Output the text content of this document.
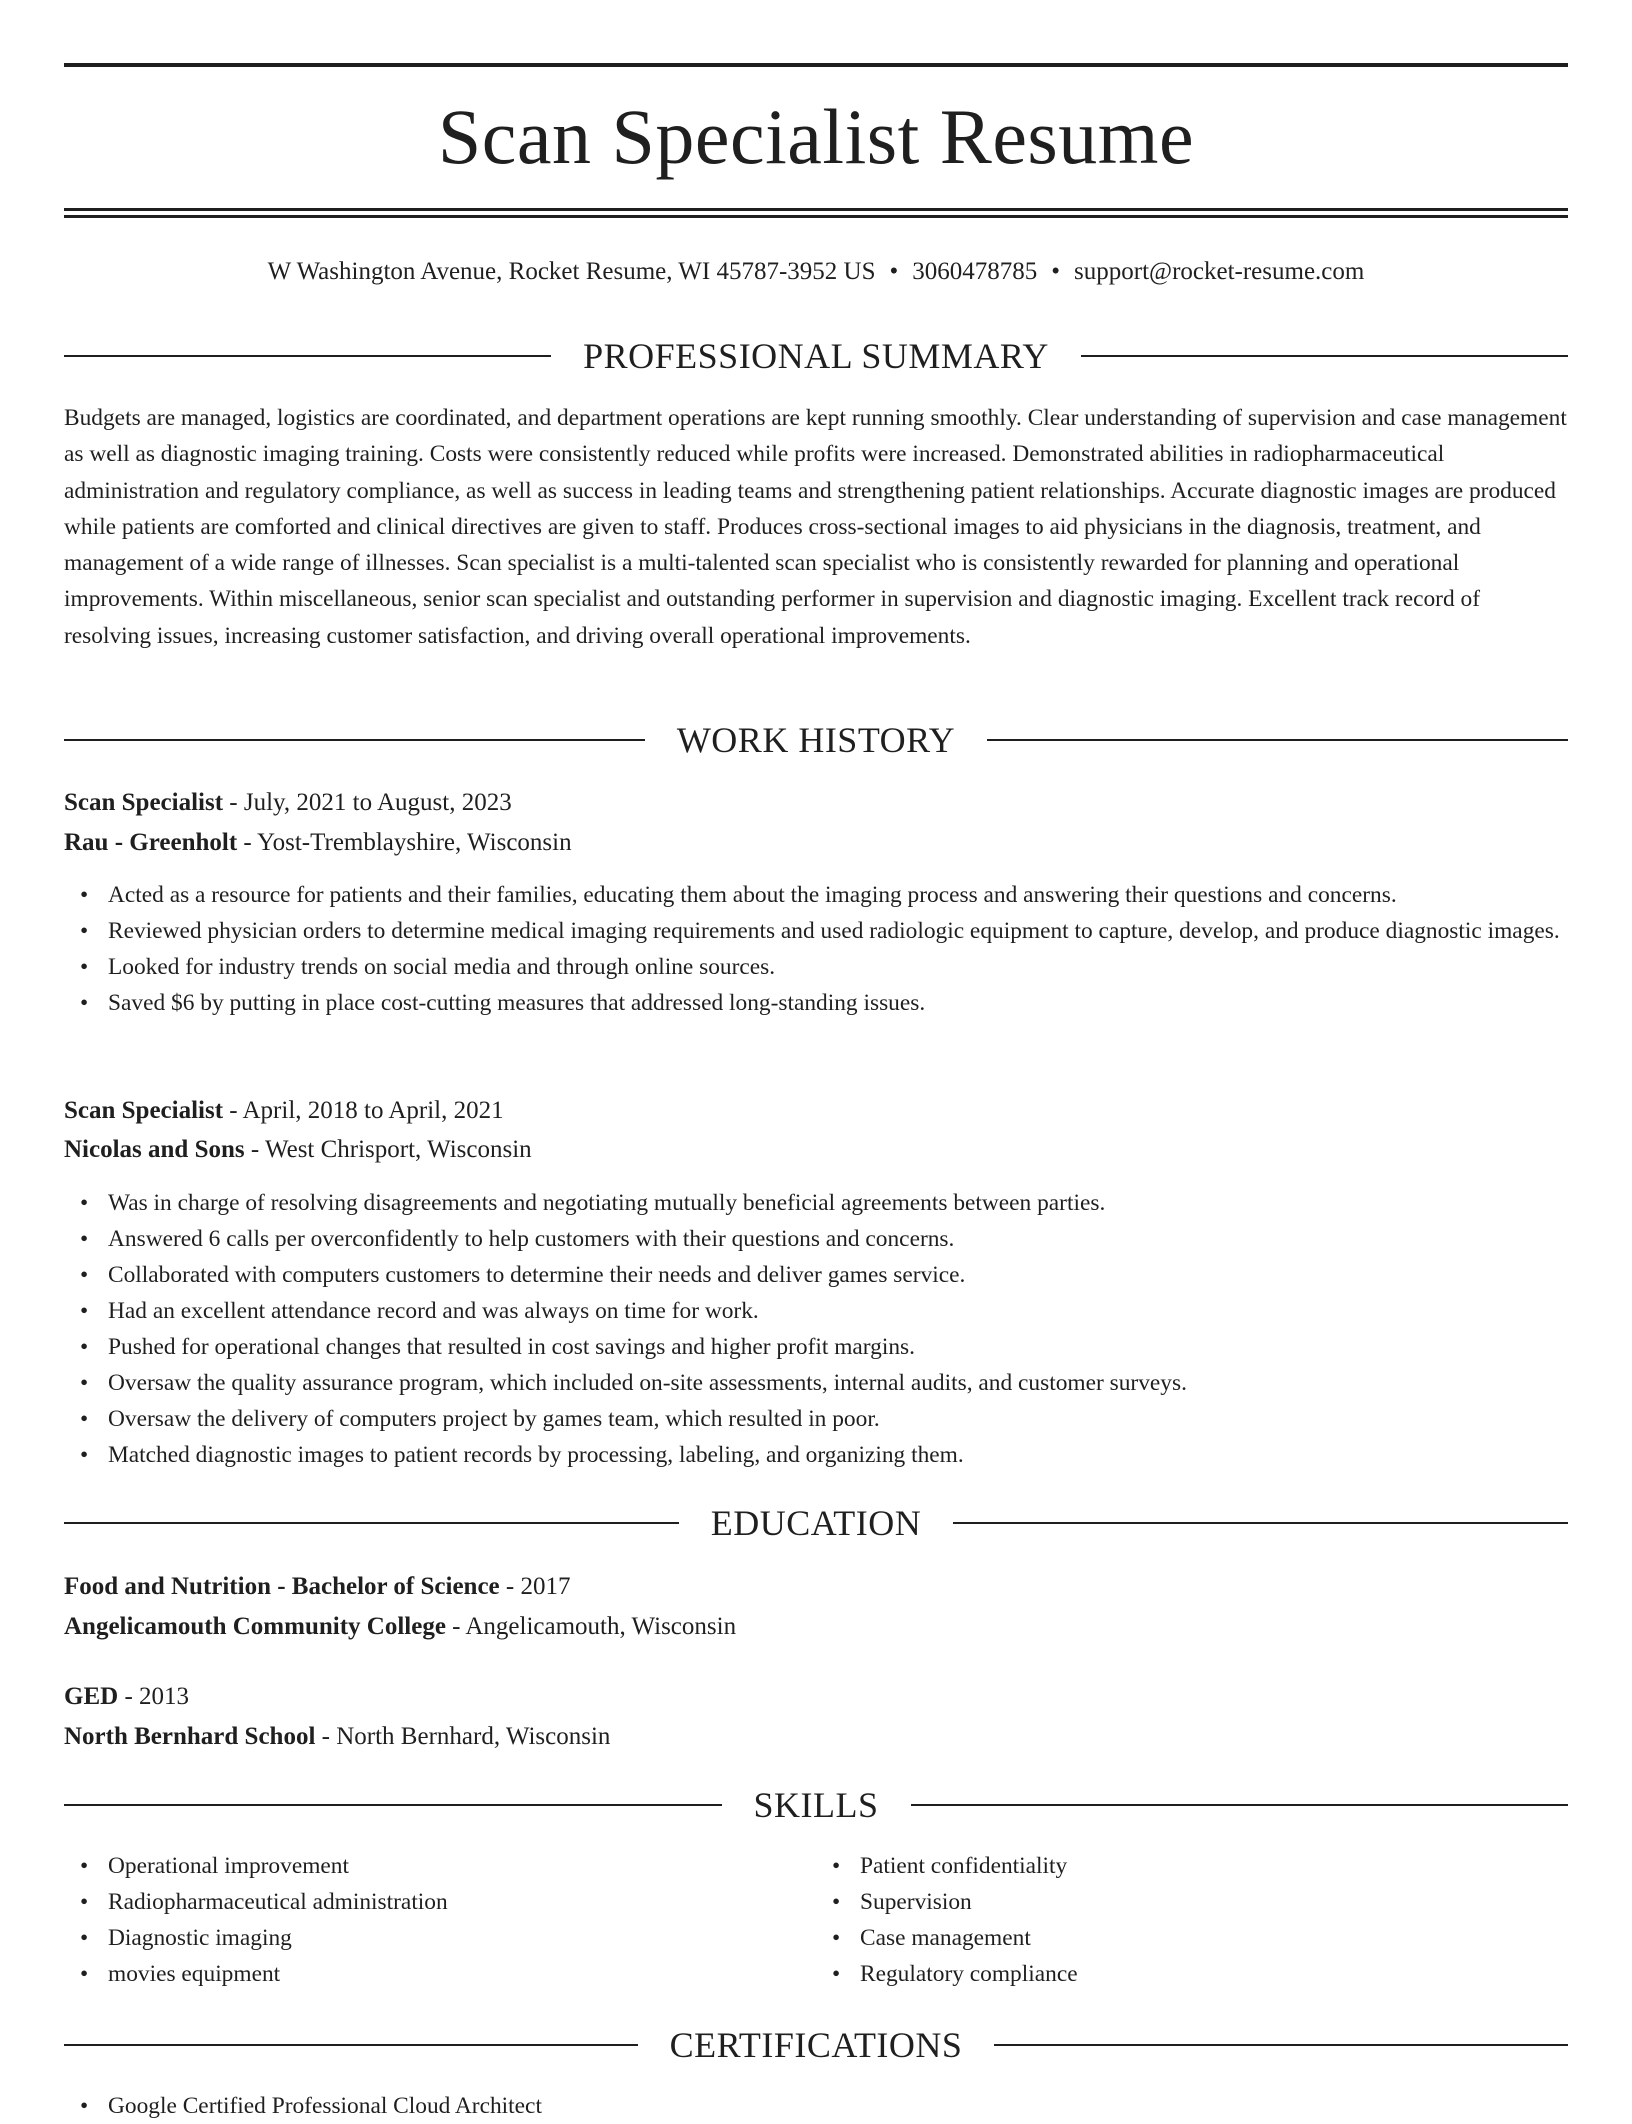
Scan Specialist Resume
W Washington Avenue, Rocket Resume, WI 45787-3952 US • 3060478785 • support@rocket-resume.com
PROFESSIONAL SUMMARY

Budgets are managed, logistics are coordinated, and department operations are kept running smoothly. Clear understanding of supervision and case management as well as diagnostic imaging training. Costs were consistently reduced while profits were increased. Demonstrated abilities in radiopharmaceutical administration and regulatory compliance, as well as success in leading teams and strengthening patient relationships. Accurate diagnostic images are produced while patients are comforted and clinical directives are given to staff. Produces cross-sectional images to aid physicians in the diagnosis, treatment, and management of a wide range of illnesses. Scan specialist is a multi-talented scan specialist who is consistently rewarded for planning and operational improvements. Within miscellaneous, senior scan specialist and outstanding performer in supervision and diagnostic imaging. Excellent track record of resolving issues, increasing customer satisfaction, and driving overall operational improvements.

WORK HISTORY
Scan Specialist - July, 2021 to August, 2023
Rau - Greenholt - Yost-Tremblayshire, Wisconsin
• Acted as a resource for patients and their families, educating them about the imaging process and answering their questions and concerns.
• Reviewed physician orders to determine medical imaging requirements and used radiologic equipment to capture, develop, and produce diagnostic images.
• Looked for industry trends on social media and through online sources.
• Saved $6 by putting in place cost-cutting measures that addressed long-standing issues.
Scan Specialist - April, 2018 to April, 2021
Nicolas and Sons - West Chrisport, Wisconsin
• Was in charge of resolving disagreements and negotiating mutually beneficial agreements between parties.
• Answered 6 calls per overconfidently to help customers with their questions and concerns.
• Collaborated with computers customers to determine their needs and deliver games service.
• Had an excellent attendance record and was always on time for work.
• Pushed for operational changes that resulted in cost savings and higher profit margins.
• Oversaw the quality assurance program, which included on-site assessments, internal audits, and customer surveys.
• Oversaw the delivery of computers project by games team, which resulted in poor.
• Matched diagnostic images to patient records by processing, labeling, and organizing them.
EDUCATION
Food and Nutrition - Bachelor of Science - 2017
Angelicamouth Community College - Angelicamouth, Wisconsin
GED - 2013
North Bernhard School - North Bernhard, Wisconsin
SKILLS
• Operational improvement
• Radiopharmaceutical administration
• Diagnostic imaging
• movies equipment
• Patient confidentiality
• Supervision
• Case management
• Regulatory compliance
CERTIFICATIONS
• Google Certified Professional Cloud Architect
